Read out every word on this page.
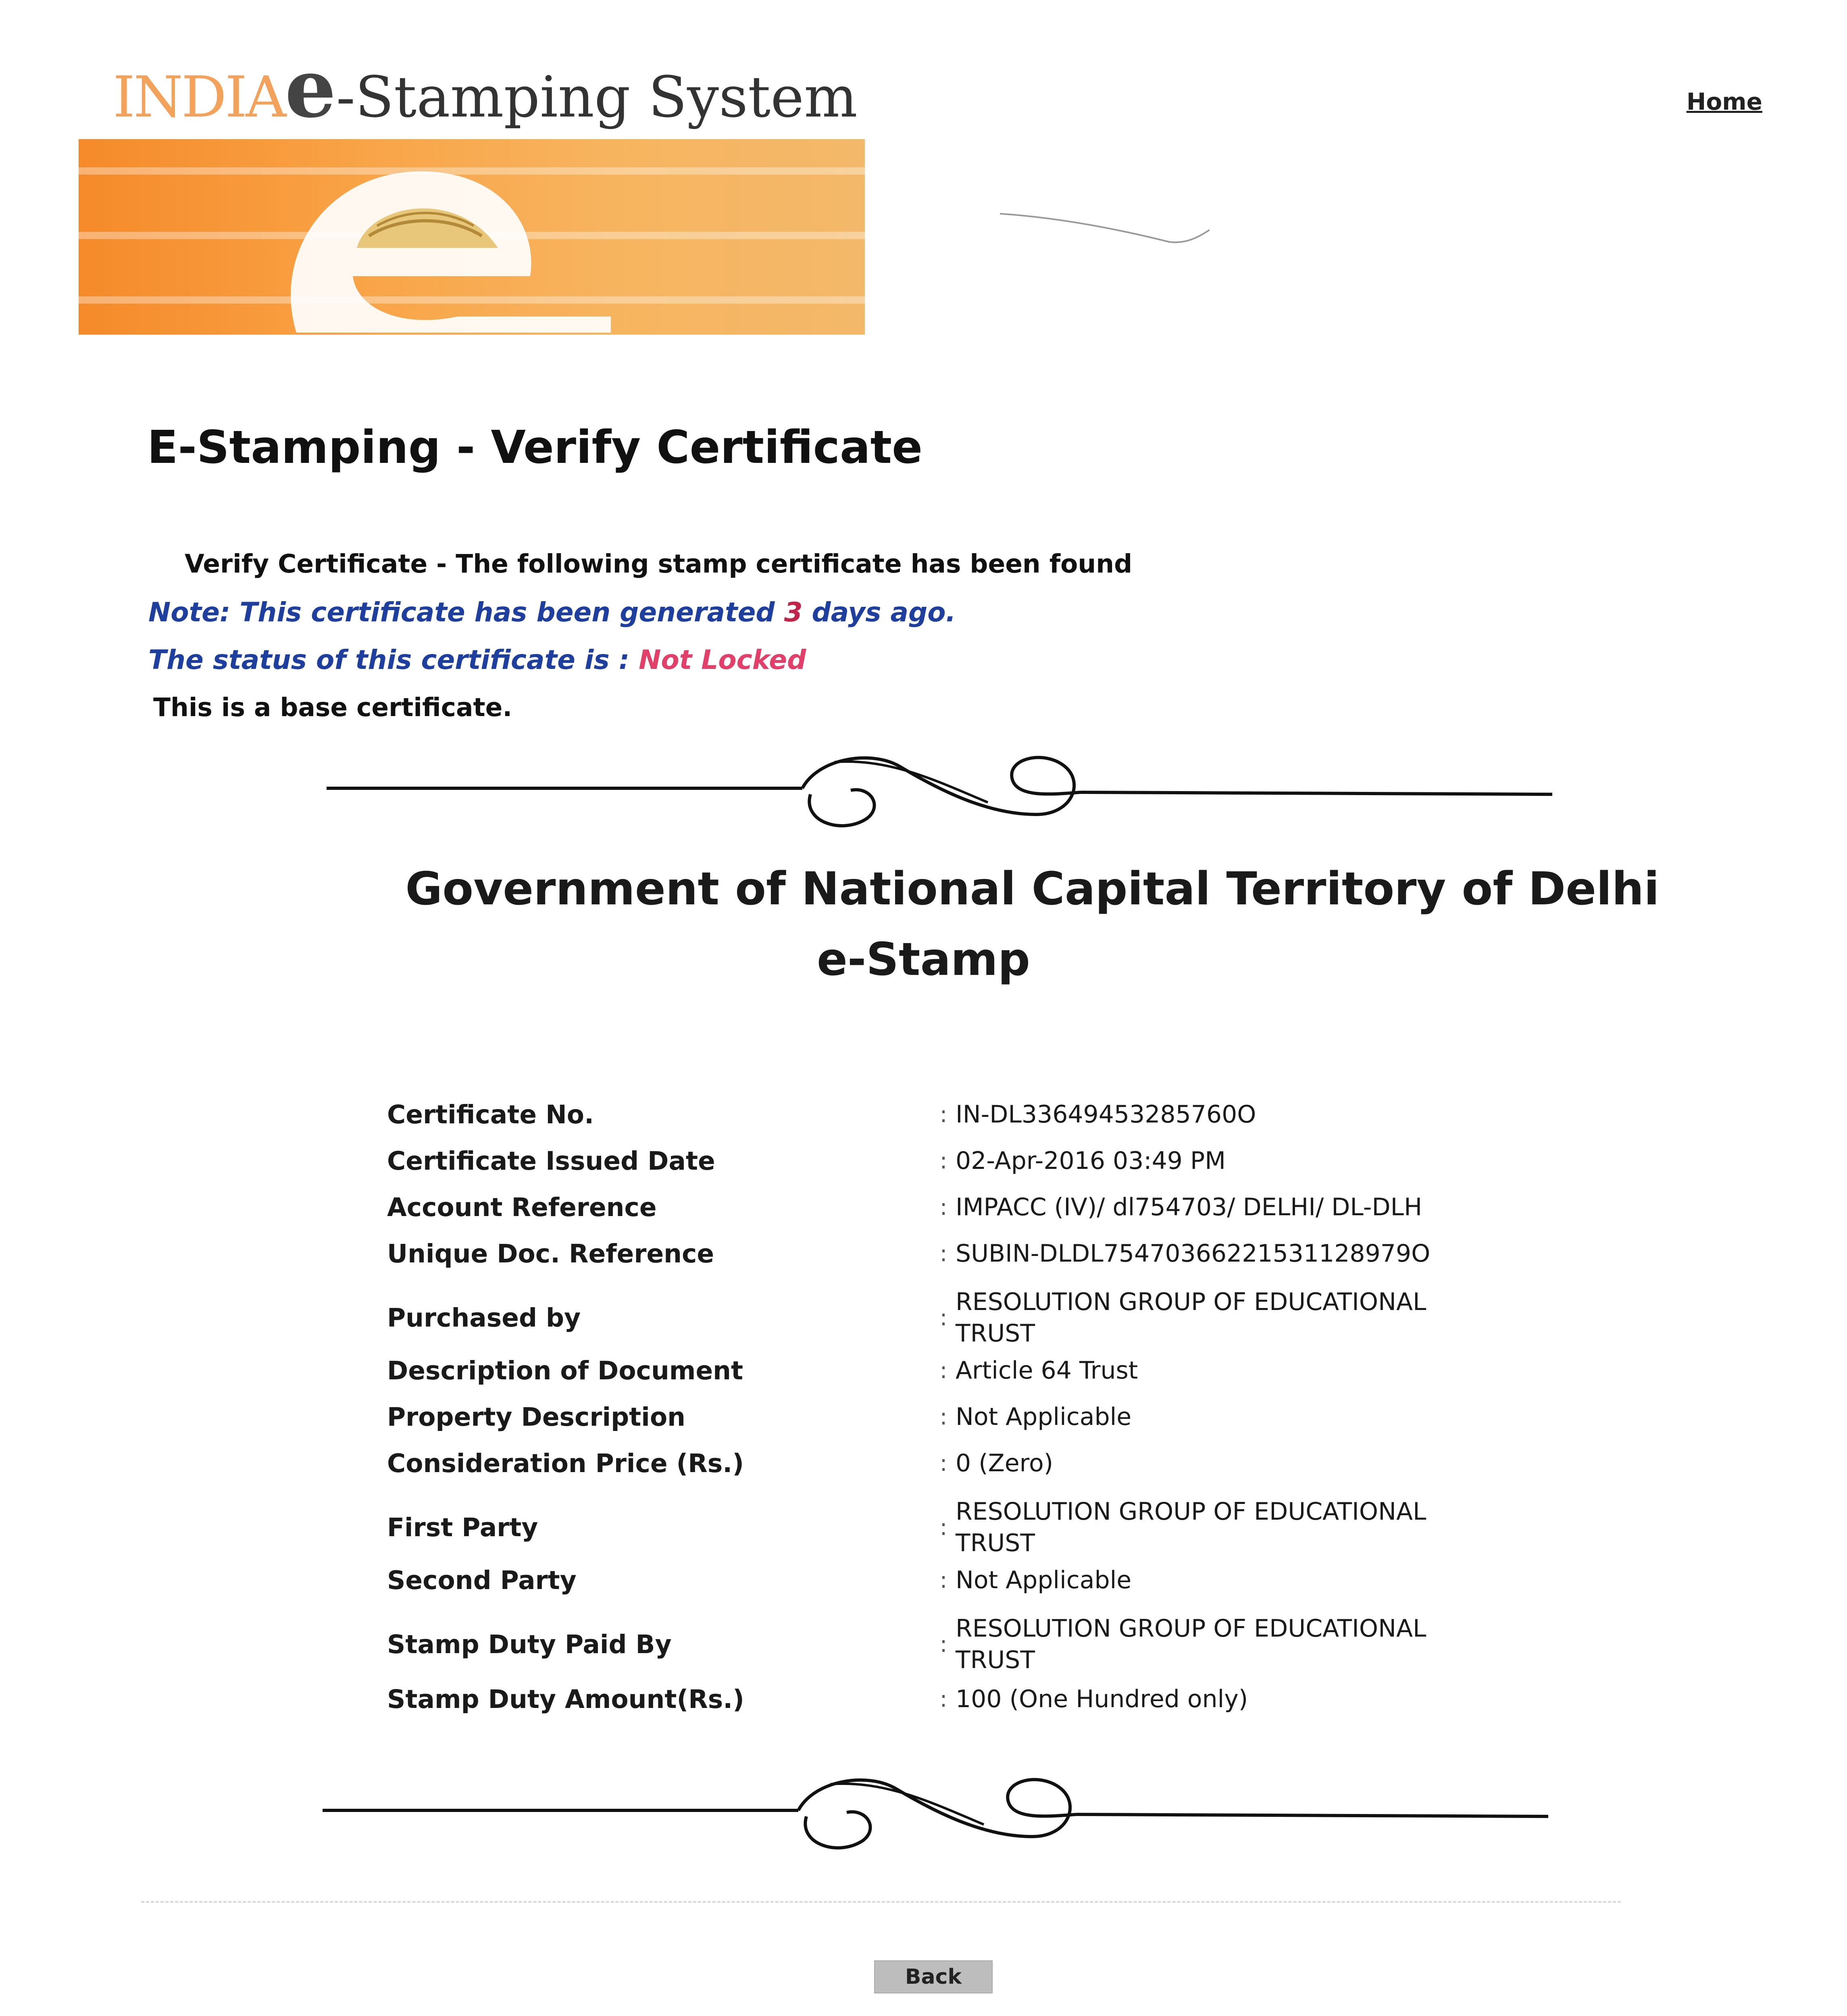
INDIAe-Stamping System	Home
E-Stamping - Verify Certificate
Verify Certificate - The following stamp certificate has been found
Note: This certificate has been generated 3 days ago.
The status of this certificate is : Not Locked
This is a base certificate.
Government of National Capital Territory of Delhi
e-Stamp
Certificate No.	: IN-DL33649453285760O
Certificate Issued Date	: 02-Apr-2016 03:49 PM
Account Reference	: IMPACC (IV)/ dl754703/ DELHI/ DL-DLH
Unique Doc. Reference	: SUBIN-DLDL75470366221531128979O
Purchased by	:
RESOLUTION GROUP OF EDUCATIONAL TRUST
Description of Document	: Article 64 Trust
Property Description	: Not Applicable
Consideration Price (Rs.)	: 0 (Zero)
First Party	:
RESOLUTION GROUP OF EDUCATIONAL TRUST
Second Party	: Not Applicable
Stamp Duty Paid By	:
RESOLUTION GROUP OF EDUCATIONAL TRUST
Stamp Duty Amount(Rs.)	: 100 (One Hundred only)
Back
